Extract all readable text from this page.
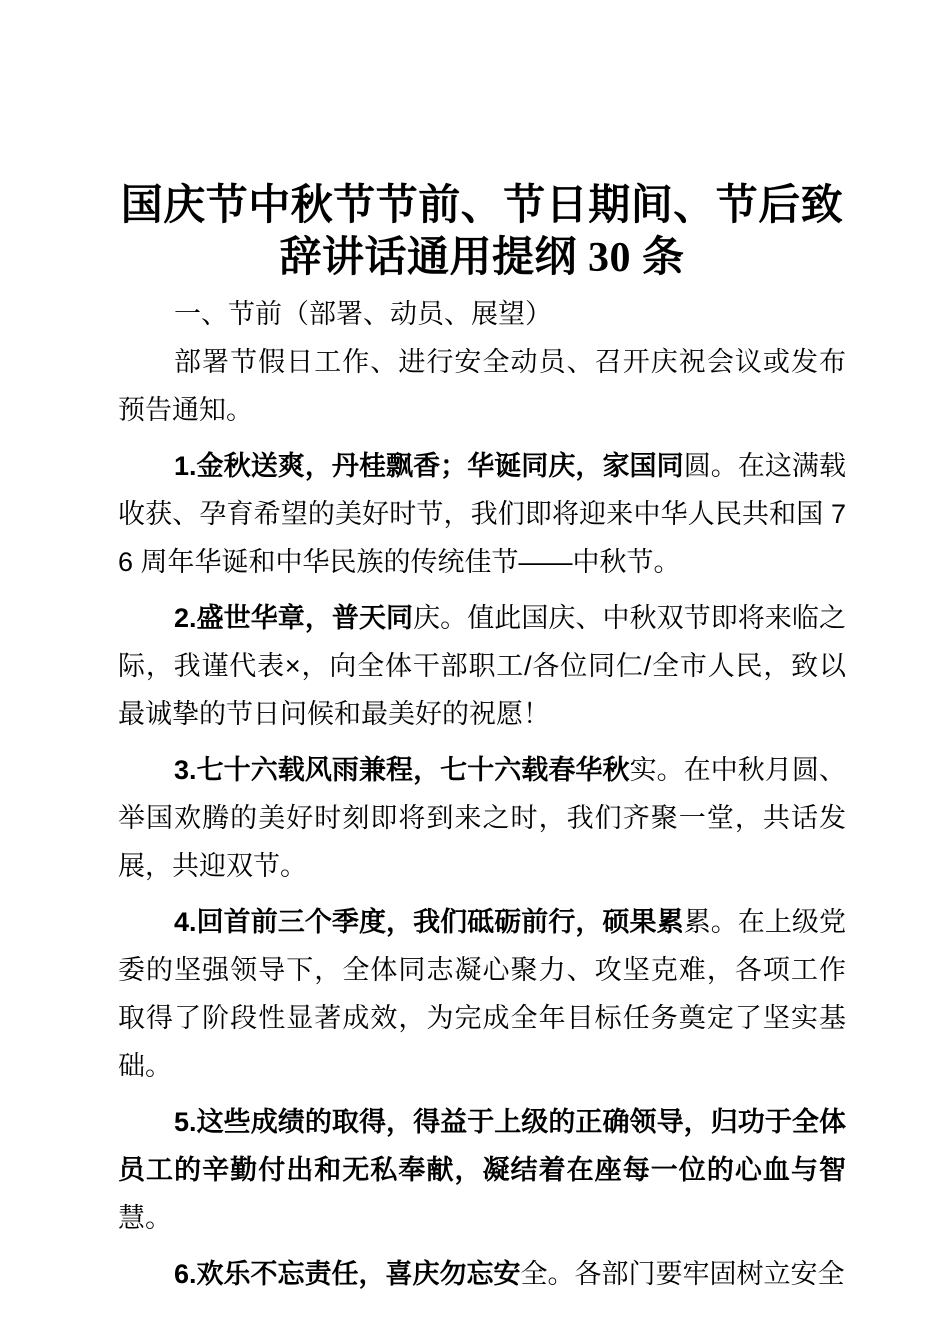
国庆节中秋节节前、节日期间、节后致
辞讲话通用提纲 30 条
一、节前（部署、动员、展望）

部署节假日工作、进行安全动员、召开庆祝会议或发布预告通知。

1.金秋送爽，丹桂飘香；华诞同庆，家国同圆。在这满载收获、孕育希望的美好时节，我们即将迎来中华人民共和国 76 周年华诞和中华民族的传统佳节——中秋节。

2.盛世华章，普天同庆。值此国庆、中秋双节即将来临之际，我谨代表×，向全体干部职工/各位同仁/全市人民，致以最诚挚的节日问候和最美好的祝愿！

3.七十六载风雨兼程，七十六载春华秋实。在中秋月圆、举国欢腾的美好时刻即将到来之时，我们齐聚一堂，共话发展，共迎双节。

4.回首前三个季度，我们砥砺前行，硕果累累。在上级党委的坚强领导下，全体同志凝心聚力、攻坚克难，各项工作取得了阶段性显著成效，为完成全年目标任务奠定了坚实基础。

5.这些成绩的取得，得益于上级的正确领导，归功于全体员工的辛勤付出和无私奉献，凝结着在座每一位的心血与智慧。

6.欢乐不忘责任，喜庆勿忘安全。各部门要牢固树立安全
